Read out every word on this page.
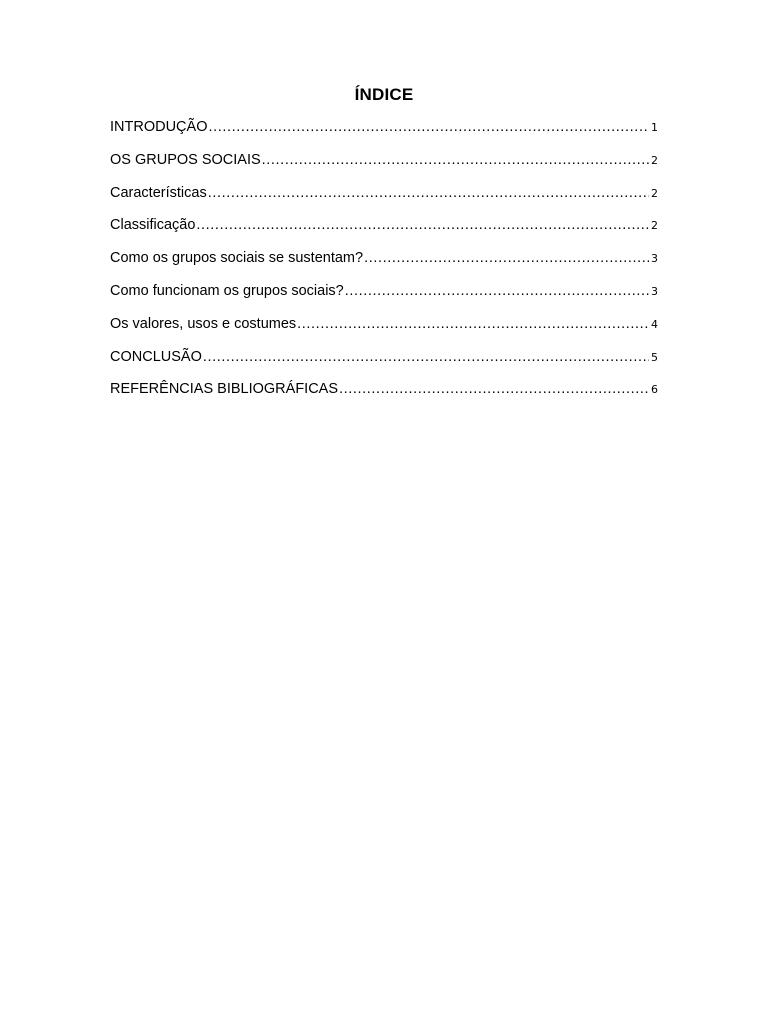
ÍNDICE
INTRODUÇÃO .....	1
OS GRUPOS SOCIAIS .....	2
Características .....	2
Classificação .....	2
Como os grupos sociais se sustentam? .....	3
Como funcionam os grupos sociais? .....	3
Os valores, usos e costumes .....	4
CONCLUSÃO .....	5
REFERÊNCIAS BIBLIOGRÁFICAS .....	6
